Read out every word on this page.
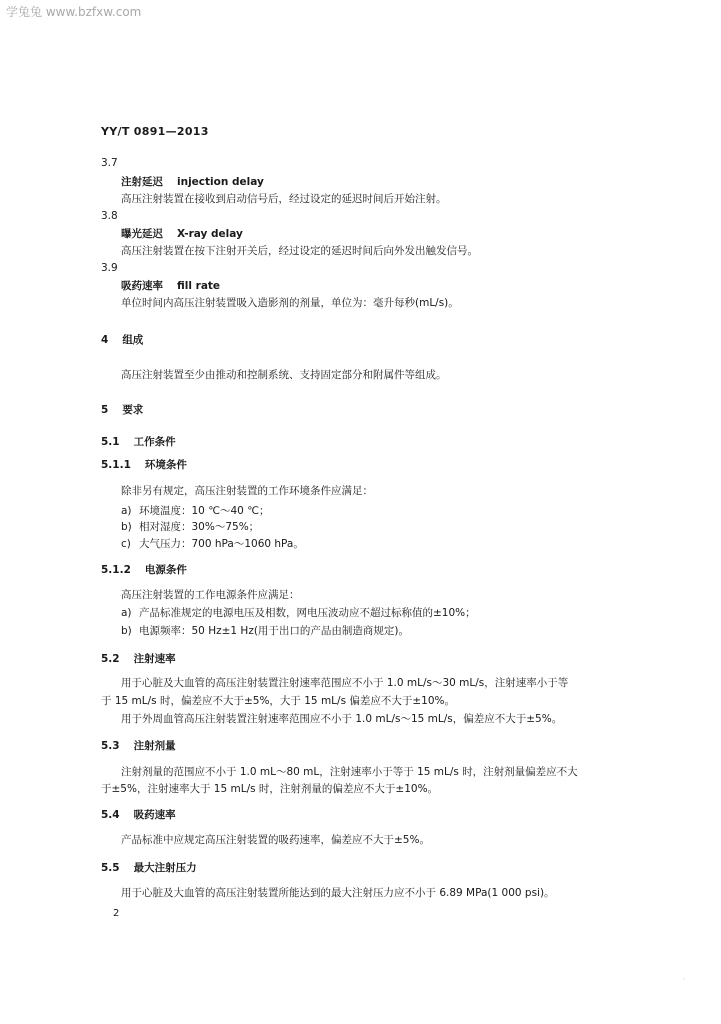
学兔兔 www.bzfxw.com
YY/T 0891—2013
3.7
注射延迟 injection delay
高压注射装置在接收到启动信号后，经过设定的延迟时间后开始注射。
3.8
曝光延迟 X-ray delay
高压注射装置在按下注射开关后，经过设定的延迟时间后向外发出触发信号。
3.9
吸药速率 fill rate
单位时间内高压注射装置吸入造影剂的剂量，单位为：毫升每秒(mL/s)。
4 组成
高压注射装置至少由推动和控制系统、支持固定部分和附属件等组成。
5 要求
5.1 工作条件
5.1.1 环境条件
除非另有规定，高压注射装置的工作环境条件应满足：
a) 环境温度：10 ℃～40 ℃；
b) 相对湿度：30%～75%；
c) 大气压力：700 hPa～1060 hPa。
5.1.2 电源条件
高压注射装置的工作电源条件应满足：
a) 产品标准规定的电源电压及相数，网电压波动应不超过标称值的±10%；
b) 电源频率：50 Hz±1 Hz(用于出口的产品由制造商规定)。
5.2 注射速率
用于心脏及大血管的高压注射装置注射速率范围应不小于 1.0 mL/s～30 mL/s，注射速率小于等
于 15 mL/s 时，偏差应不大于±5%，大于 15 mL/s 偏差应不大于±10%。
用于外周血管高压注射装置注射速率范围应不小于 1.0 mL/s～15 mL/s，偏差应不大于±5%。
5.3 注射剂量
注射剂量的范围应不小于 1.0 mL～80 mL，注射速率小于等于 15 mL/s 时，注射剂量偏差应不大
于±5%，注射速率大于 15 mL/s 时，注射剂量的偏差应不大于±10%。
5.4 吸药速率
产品标准中应规定高压注射装置的吸药速率，偏差应不大于±5%。
5.5 最大注射压力
用于心脏及大血管的高压注射装置所能达到的最大注射压力应不小于 6.89 MPa(1 000 psi)。
2
·
